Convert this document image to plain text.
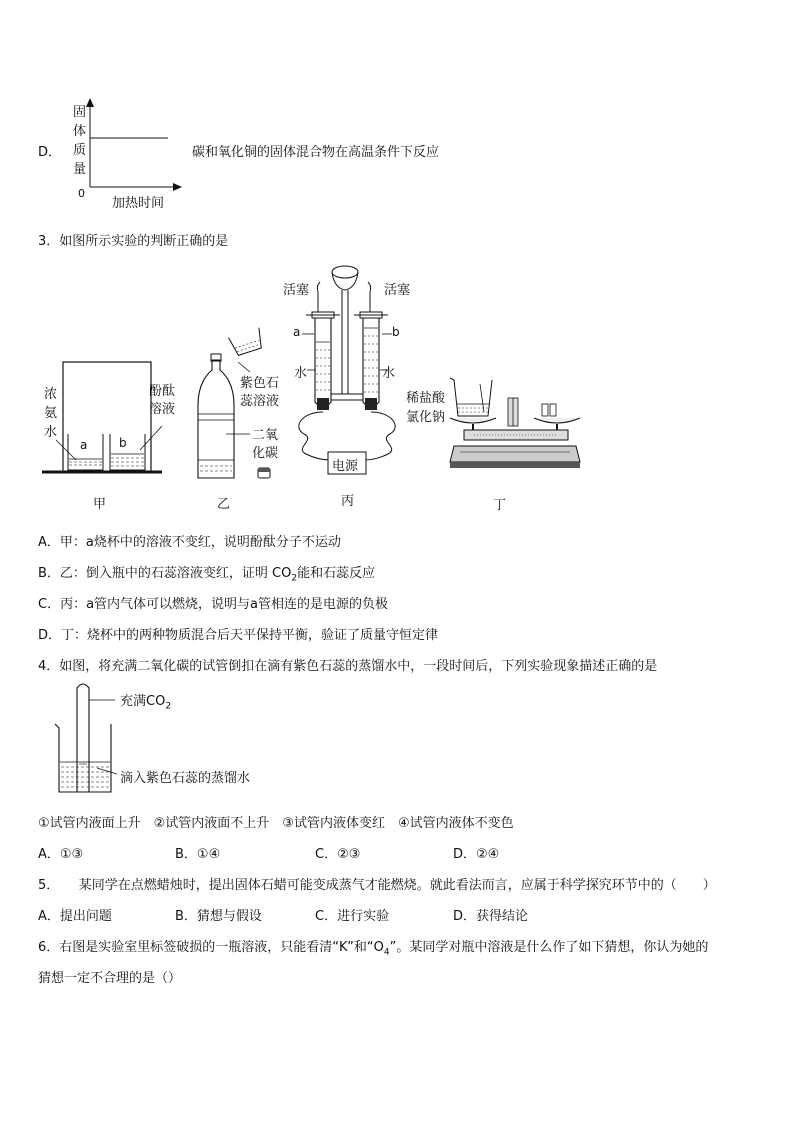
D．
固
体
质
量
0
加热时间
碳和氧化铜的固体混合物在高温条件下反应
3．如图所示实验的判断正确的是
浓
氨
水
酚酞
溶液
a	b
甲
紫色石
蕊溶液
二氧
化碳
乙
活塞	活塞
a	b
水	水
电源
丙
稀盐酸
氯化钠
丁
A．甲：a烧杯中的溶液不变红，说明酚酞分子不运动
B．乙：倒入瓶中的石蕊溶液变红，证明 $CO_2$能和石蕊反应
C．丙：a管内气体可以燃烧，说明与a管相连的是电源的负极
D．丁：烧杯中的两种物质混合后天平保持平衡，验证了质量守恒定律
4．如图，将充满二氧化碳的试管倒扣在滴有紫色石蕊的蒸馏水中，一段时间后，下列实验现象描述正确的是
充满$CO_2$
滴入紫色石蕊的蒸馏水
①试管内液面上升　②试管内液面不上升　③试管内液体变红　④试管内液体不变色
A．①③	B．①④	C．②③	D．②④
5．　　某同学在点燃蜡烛时，提出固体石蜡可能变成蒸气才能燃烧。就此看法而言，应属于科学探究环节中的（　　）
A．提出问题	B．猜想与假设	C．进行实验	D．获得结论
6．右图是实验室里标签破损的一瓶溶液，只能看清“K”和“$O_4$”。某同学对瓶中溶液是什么作了如下猜想，你认为她的
猜想一定不合理的是（）
